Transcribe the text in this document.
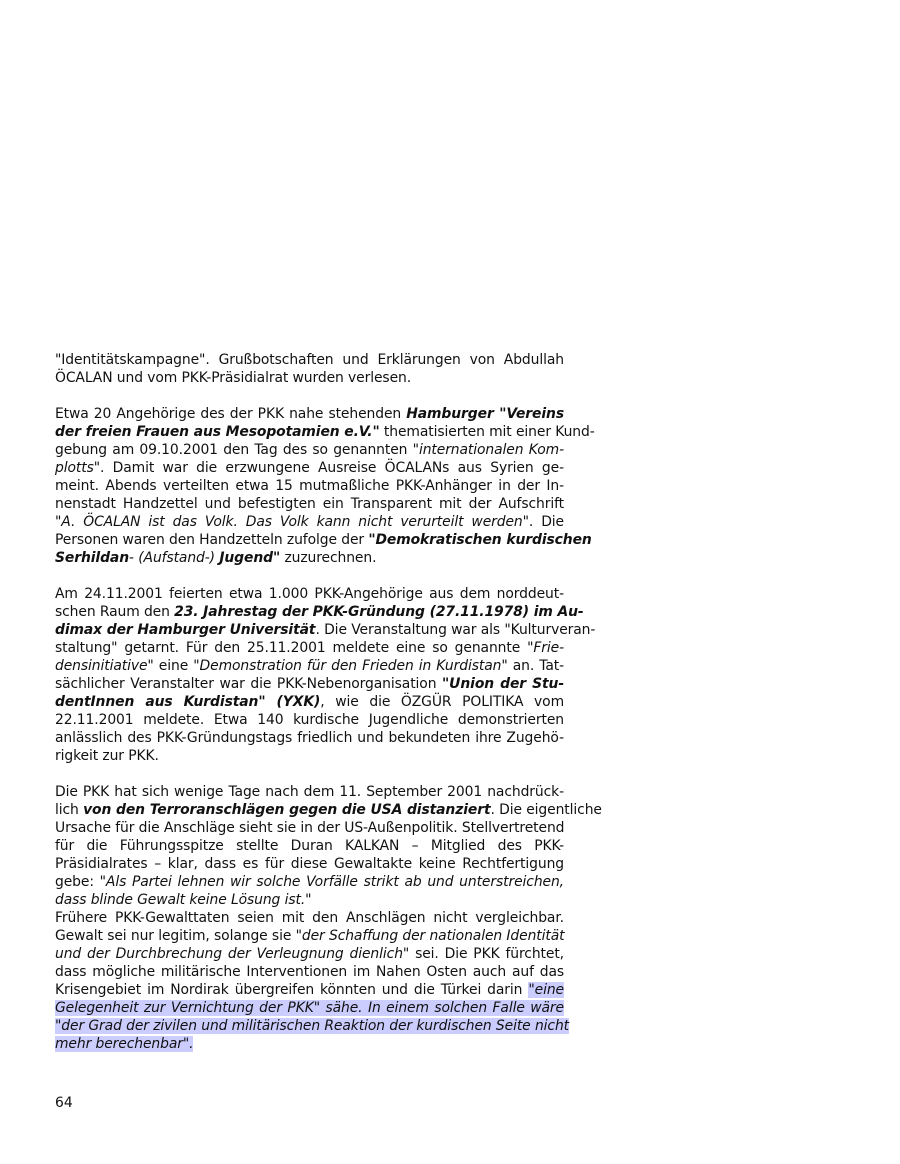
"Identitätskampagne". Grußbotschaften und Erklärungen von Abdullah
ÖCALAN und vom PKK-Präsidialrat wurden verlesen.

Etwa 20 Angehörige des der PKK nahe stehenden Hamburger "Vereins
der freien Frauen aus Mesopotamien e.V." thematisierten mit einer Kund-
gebung am 09.10.2001 den Tag des so genannten "internationalen Kom-
plotts". Damit war die erzwungene Ausreise ÖCALANs aus Syrien ge-
meint. Abends verteilten etwa 15 mutmaßliche PKK-Anhänger in der In-
nenstadt Handzettel und befestigten ein Transparent mit der Aufschrift
"A. ÖCALAN ist das Volk. Das Volk kann nicht verurteilt werden". Die
Personen waren den Handzetteln zufolge der "Demokratischen kurdischen
Serhildan- (Aufstand-) Jugend" zuzurechnen.

Am 24.11.2001 feierten etwa 1.000 PKK-Angehörige aus dem norddeut-
schen Raum den 23. Jahrestag der PKK-Gründung (27.11.1978) im Au-
dimax der Hamburger Universität. Die Veranstaltung war als "Kulturveran-
staltung" getarnt. Für den 25.11.2001 meldete eine so genannte "Frie-
densinitiative" eine "Demonstration für den Frieden in Kurdistan" an. Tat-
sächlicher Veranstalter war die PKK-Nebenorganisation "Union der Stu-
dentInnen aus Kurdistan" (YXK), wie die ÖZGÜR POLITIKA vom
22.11.2001 meldete. Etwa 140 kurdische Jugendliche demonstrierten
anlässlich des PKK-Gründungstags friedlich und bekundeten ihre Zugehö-
rigkeit zur PKK.

Die PKK hat sich wenige Tage nach dem 11. September 2001 nachdrück-
lich von den Terroranschlägen gegen die USA distanziert. Die eigentliche
Ursache für die Anschläge sieht sie in der US-Außenpolitik. Stellvertretend
für die Führungsspitze stellte Duran KALKAN – Mitglied des PKK-
Präsidialrates – klar, dass es für diese Gewaltakte keine Rechtfertigung
gebe: "Als Partei lehnen wir solche Vorfälle strikt ab und unterstreichen,
dass blinde Gewalt keine Lösung ist."

Frühere PKK-Gewalttaten seien mit den Anschlägen nicht vergleichbar.
Gewalt sei nur legitim, solange sie "der Schaffung der nationalen Identität
und der Durchbrechung der Verleugnung dienlich" sei. Die PKK fürchtet,
dass mögliche militärische Interventionen im Nahen Osten auch auf das
Krisengebiet im Nordirak übergreifen könnten und die Türkei darin "eine
Gelegenheit zur Vernichtung der PKK" sähe. In einem solchen Falle wäre
"der Grad der zivilen und militärischen Reaktion der kurdischen Seite nicht
mehr berechenbar".

64
